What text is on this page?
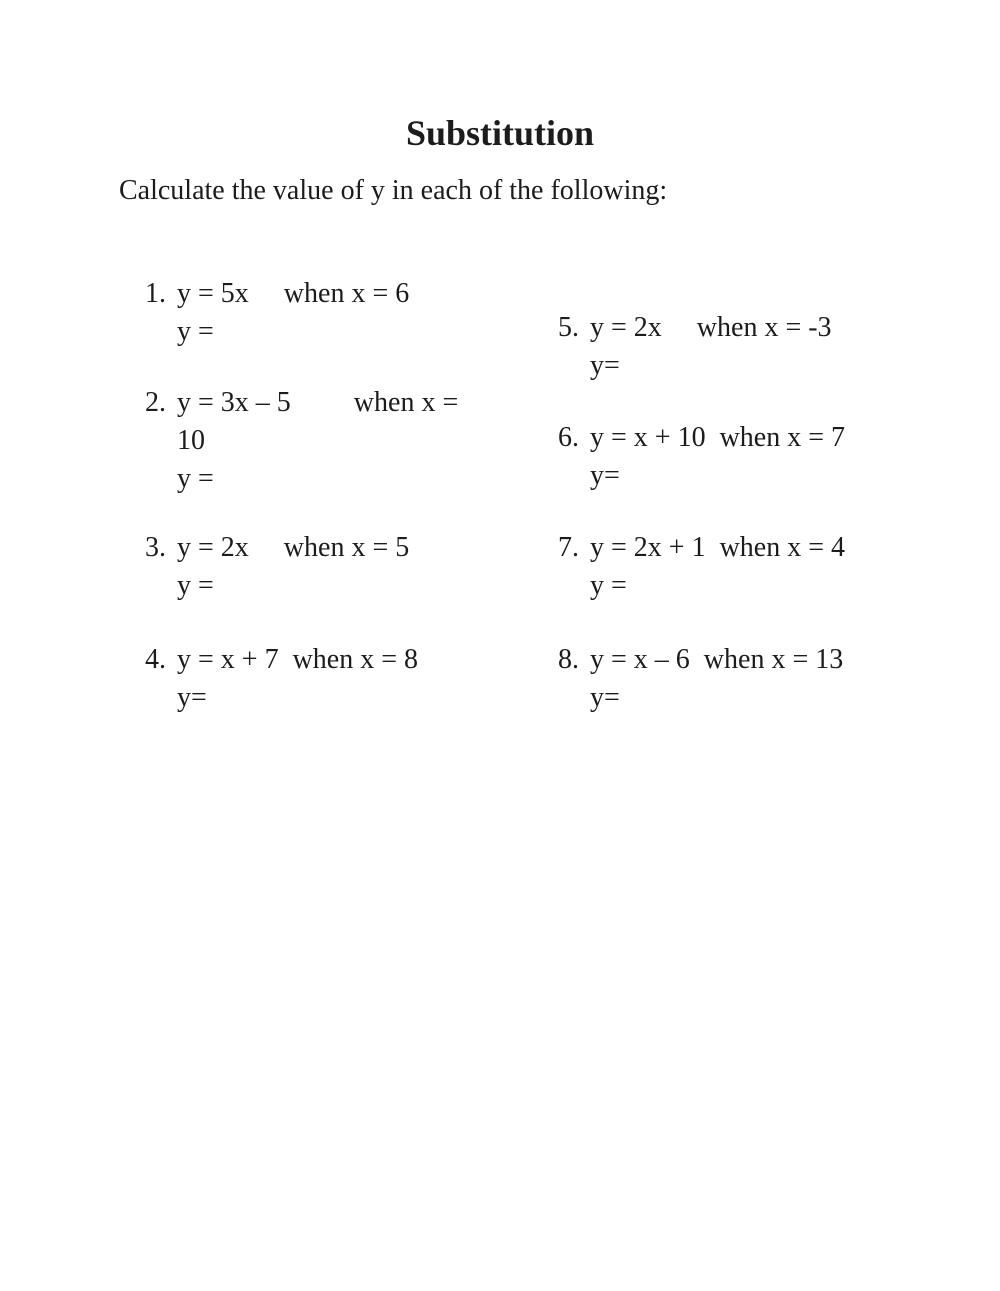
Substitution

Calculate the value of y in each of the following:

1. y = 5x     when x = 6
y =
2. y = 3x – 5         when x =
10
y =
3. y = 2x     when x = 5
y =
4. y = x + 7  when x = 8
y=
5. y = 2x     when x = -3
y=
6. y = x + 10  when x = 7
y=
7. y = 2x + 1  when x = 4
y =
8. y = x – 6  when x = 13
y=
